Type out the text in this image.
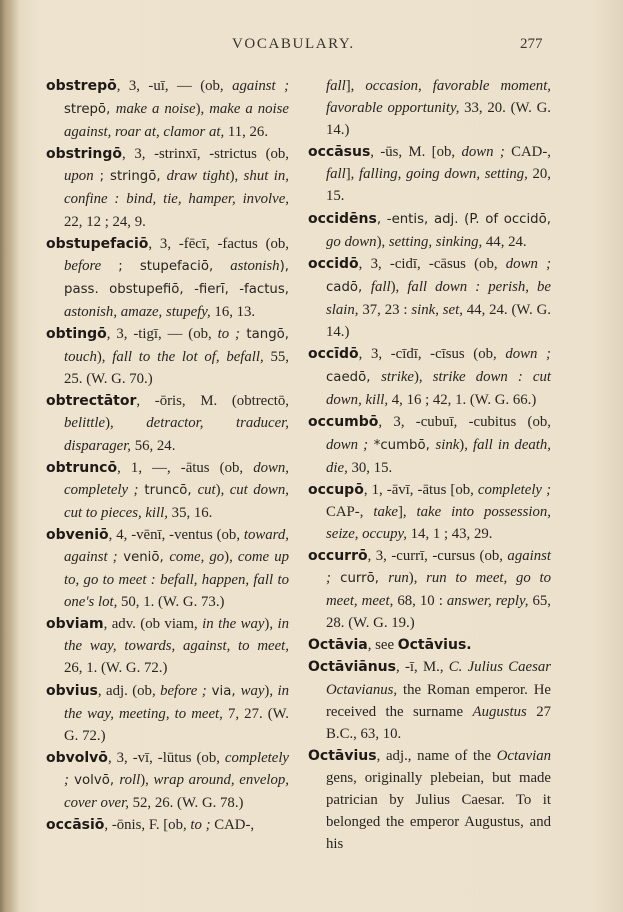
VOCABULARY.	277

obstrepō, 3, -uī, — (ob, against ; strepō, make a noise), make a noise against, roar at, clamor at, 11, 26.

obstringō, 3, -strinxī, -strictus (ob, upon ; stringō, draw tight), shut in, confine : bind, tie, hamper, involve, 22, 12 ; 24, 9.

obstupefaciō, 3, -fēcī, -factus (ob, before ; stupefaciō, astonish), pass. obstupefiō, -fierī, -factus, astonish, amaze, stupefy, 16, 13.

obtingō, 3, -tigī, — (ob, to ; tangō, touch), fall to the lot of, befall, 55, 25. (W. G. 70.)

obtrectātor, -ōris, M. (obtrectō, belittle), detractor, traducer, disparager, 56, 24.

obtruncō, 1, —, -ātus (ob, down, completely ; truncō, cut), cut down, cut to pieces, kill, 35, 16.

obveniō, 4, -vēnī, -ventus (ob, toward, against ; veniō, come, go), come up to, go to meet : befall, happen, fall to one's lot, 50, 1. (W. G. 73.)

obviam, adv. (ob viam, in the way), in the way, towards, against, to meet, 26, 1. (W. G. 72.)

obvius, adj. (ob, before ; via, way), in the way, meeting, to meet, 7, 27. (W. G. 72.)

obvolvō, 3, -vī, -lūtus (ob, completely ; volvō, roll), wrap around, envelop, cover over, 52, 26. (W. G. 78.)

occāsiō, -ōnis, F. [ob, to ; CAD-,

fall], occasion, favorable moment, favorable opportunity, 33, 20. (W. G. 14.)

occāsus, -ūs, M. [ob, down ; CAD-, fall], falling, going down, setting, 20, 15.

occidēns, -entis, adj. (P. of occidō, go down), setting, sinking, 44, 24.

occidō, 3, -cidī, -cāsus (ob, down ; cadō, fall), fall down : perish, be slain, 37, 23 : sink, set, 44, 24. (W. G. 14.)

occīdō, 3, -cīdī, -cīsus (ob, down ; caedō, strike), strike down : cut down, kill, 4, 16 ; 42, 1. (W. G. 66.)

occumbō, 3, -cubuī, -cubitus (ob, down ; *cumbō, sink), fall in death, die, 30, 15.

occupō, 1, -āvī, -ātus [ob, completely ; CAP-, take], take into possession, seize, occupy, 14, 1 ; 43, 29.

occurrō, 3, -currī, -cursus (ob, against ; currō, run), run to meet, go to meet, meet, 68, 10 : answer, reply, 65, 28. (W. G. 19.)

Octāvia, see Octāvius.

Octāviānus, -ī, M., C. Julius Caesar Octavianus, the Roman emperor. He received the surname Augustus 27 B.C., 63, 10.

Octāvius, adj., name of the Octavian gens, originally plebeian, but made patrician by Julius Caesar. To it belonged the emperor Augustus, and his
